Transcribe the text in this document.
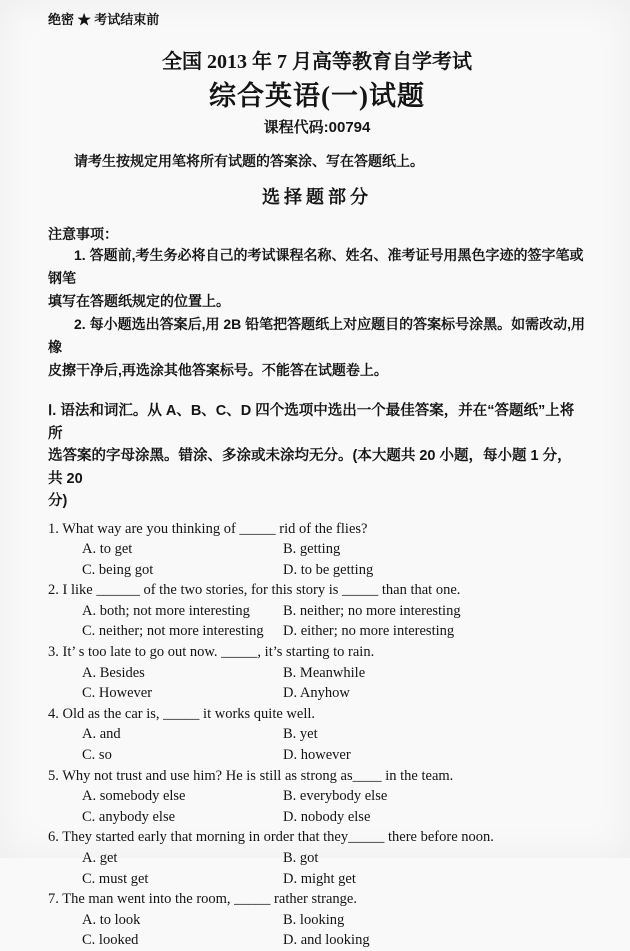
绝密 ★ 考试结束前
全国 2013 年 7 月高等教育自学考试
综合英语(一)试题
课程代码:00794
请考生按规定用笔将所有试题的答案涂、写在答题纸上。
选择题部分
注意事项：
1. 答题前,考生务必将自己的考试课程名称、姓名、准考证号用黑色字迹的签字笔或钢笔
填写在答题纸规定的位置上。
2. 每小题选出答案后,用 2B 铅笔把答题纸上对应题目的答案标号涂黑。如需改动,用橡
皮擦干净后,再选涂其他答案标号。不能答在试题卷上。
Ⅰ. 语法和词汇。从 A、B、C、D 四个选项中选出一个最佳答案，并在“答题纸”上将所
选答案的字母涂黑。错涂、多涂或未涂均无分。(本大题共 20 小题，每小题 1 分，共 20
分)
1. What way are you thinking of _____ rid of the flies?
A. to get	B. getting
C. being got	D. to be getting
2. I like ______ of the two stories, for this story is _____ than that one.
A. both; not more interesting	B. neither; no more interesting
C. neither; not more interesting	D. either; no more interesting
3. It’ s too late to go out now. _____, it’s starting to rain.
A. Besides	B. Meanwhile
C. However	D. Anyhow
4. Old as the car is, _____ it works quite well.
A. and	B. yet
C. so	D. however
5. Why not trust and use him? He is still as strong as____ in the team.
A. somebody else	B. everybody else
C. anybody else	D. nobody else
6. They started early that morning in order that they_____ there before noon.
A. get	B. got
C. must get	D. might get
7. The man went into the room, _____ rather strange.
A. to look	B. looking
C. looked	D. and looking
